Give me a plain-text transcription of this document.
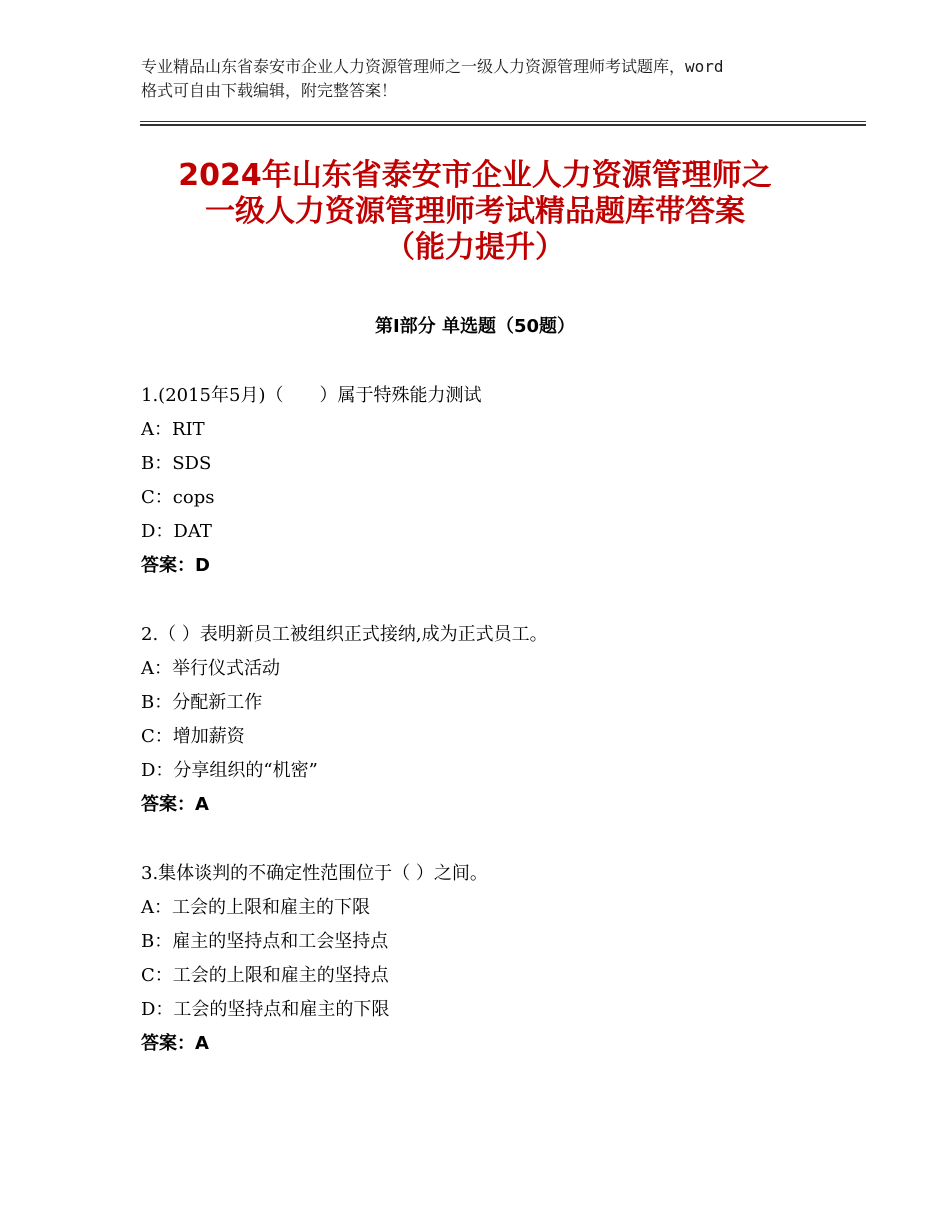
专业精品山东省泰安市企业人力资源管理师之一级人力资源管理师考试题库，word
格式可自由下载编辑，附完整答案！
2024年山东省泰安市企业人力资源管理师之
一级人力资源管理师考试精品题库带答案
（能力提升）
第Ⅰ部分 单选题（50题）
1.(2015年5月)（　　）属于特殊能力测试
A：RIT
B：SDS
C：cops
D：DAT
答案：D
2.（ ）表明新员工被组织正式接纳,成为正式员工。
A：举行仪式活动
B：分配新工作
C：增加薪资
D：分享组织的“机密”
答案：A
3.集体谈判的不确定性范围位于（ ）之间。
A：工会的上限和雇主的下限
B：雇主的坚持点和工会坚持点
C：工会的上限和雇主的坚持点
D：工会的坚持点和雇主的下限
答案：A
